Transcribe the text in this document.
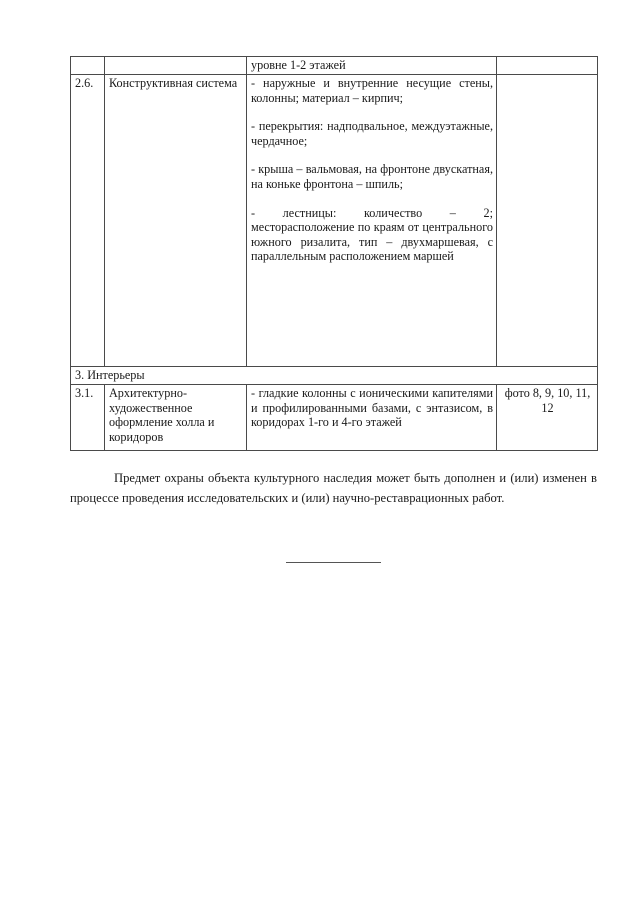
		уровне 1-2 этажей	
2.6.	Конструктивная система	- наружные и внутренние несущие стены, колонны; материал – кирпич;

- перекрытия: надподвальное, междуэтажные, чердачное;

- крыша – вальмовая, на фронтоне двускатная, на коньке фронтона – шпиль;

- лестницы: количество – 2; месторасположение по краям от центрального южного ризалита, тип – двухмаршевая, с параллельным расположением маршей	

3. Интерьеры			
3.1.	Архитектурно-художественное оформление холла и коридоров	- гладкие колонны с ионическими капителями и профилированными базами, с энтазисом, в коридорах 1-го и 4-го этажей	фото 8, 9, 10, 11, 12

Предмет охраны объекта культурного наследия может быть дополнен и (или) изменен в процессе проведения исследовательских и (или) научно-реставрационных работ.
